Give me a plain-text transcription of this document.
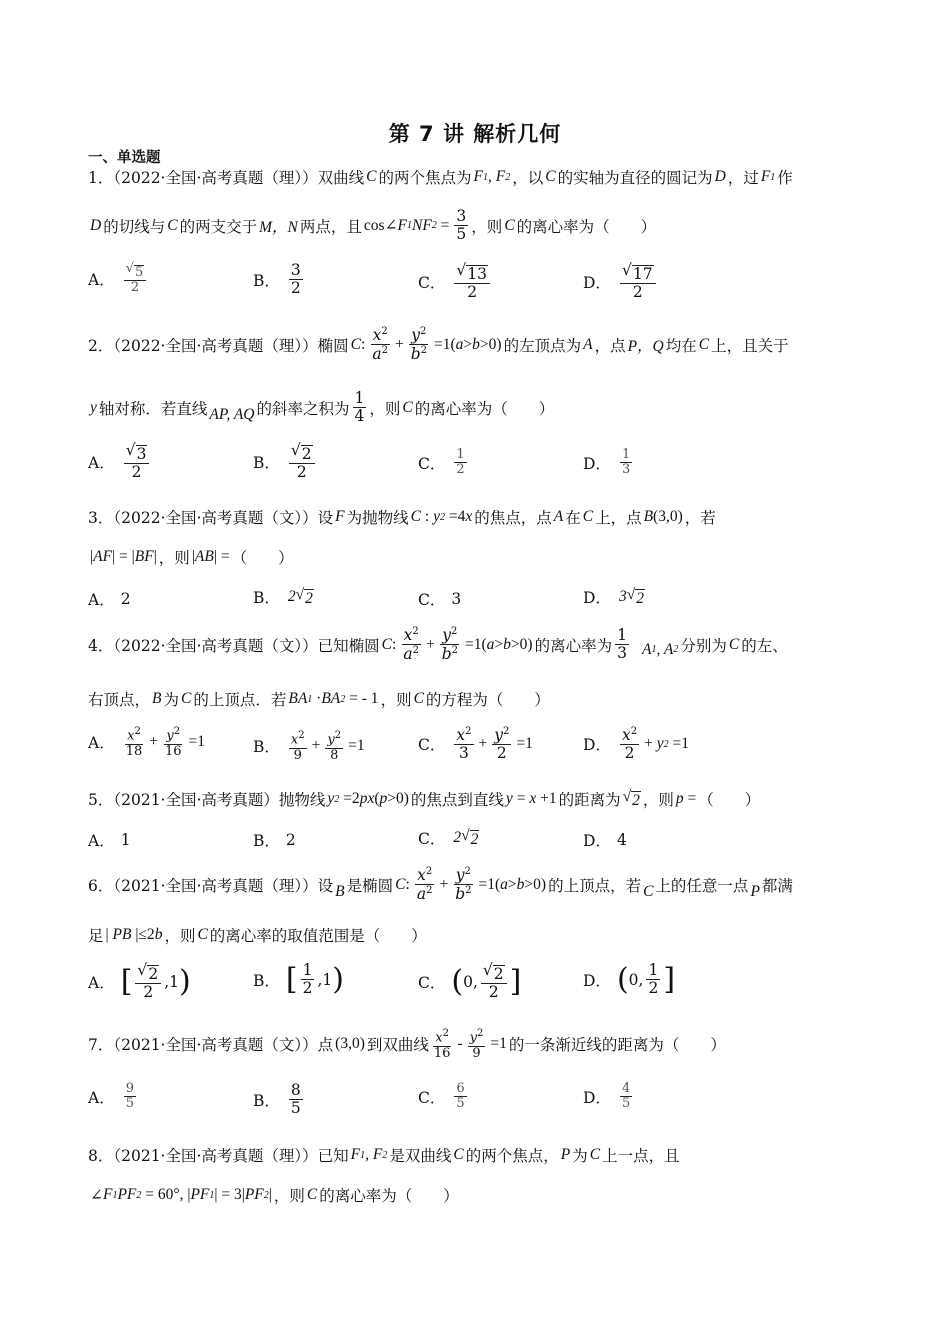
第 7 讲 解析几何
一、单选题
1．（2022·全国·高考真题（理））双曲线 C 的两个焦点为 F 1 , F 2 ，以 C 的实轴为直径的圆记为 D ，过 F 1 作
D 的切线与 C 的两支交于 M，N 两点，且 cos∠ F 1 NF $2 = \frac{3}{5}$ ，则 C 的离心率为（　　）
A． $\frac{√ 5}{2}$	B． $\frac{3}{2}$	C． $\frac{√ 13}{2}$	D． $\frac{√ 17}{2}$
2．（2022·全国·高考真题（理））椭圆 C : $\frac{x^2}{a^2} + \frac{y^2}{b^2} =1$( a > b >0) 的左顶点为 A ，点 P，Q 均在 C 上，且关于
y 轴对称．若直线 AP, AQ 的斜率之积为 $\frac{1}{4}$ ，则 C 的离心率为（　　）
A． $\frac{√ 3}{2}$	B． $\frac{√ 2}{2}$	C． $\frac{1}{2}$	D． $\frac{1}{3}$
3．（2022·全国·高考真题（文））设 F 为抛物线 C : y 2 =4 x 的焦点，点 A 在 C 上，点 B (3,0) ，若
| AF | = | BF | ，则 | AB | = （　　）
A． 2	B． 2 √ 2	C． 3	D． 3 √ 2
4．（2022·全国·高考真题（文））已知椭圆 C : $\frac{x^2}{a^2} + \frac{y^2}{b^2} =1$( a > b >0) 的离心率为 $\frac{1}{3}$ A 1 , A 2 分别为 C 的左、
右顶点， B 为 C 的上顶点．若 BA 1 · BA 2 = - 1 ，则 C 的方程为（　　）
A． $\frac{x^2}{18} + \frac{y^2}{16} =1$	B． $\frac{x^2}{9} + \frac{y^2}{8} =1$	C． $\frac{x^2}{3} + \frac{y^2}{2} =1$	D． $\frac{x^2}{2} + y$ 2 =1
5．（2021·全国·高考真题）抛物线 y 2 =2 px ( p >0) 的焦点到直线 y = x +1 的距离为 √ 2 ，则 p = （　　）
A． 1	B． 2	C． 2 √ 2	D． 4
6．（2021·全国·高考真题（理））设 B 是椭圆 C : $\frac{x^2}{a^2} + \frac{y^2}{b^2} =1$( a > b >0) 的上顶点，若 C 上的任意一点 P 都满
足 | PB |≤2 b ，则 C 的离心率的取值范围是（　　）
A． [ $\frac{√ 2}{2} ,1$ )	B． [ $\frac{1}{2} ,1$ )	C． ( 0, $\frac{√ 2}{2}$ ]	D． ( 0, $\frac{1}{2}$ ]
7．（2021·全国·高考真题（文））点 (3,0) 到双曲线 $\frac{x^2}{16} - \frac{y^2}{9} =1$ 的一条渐近线的距离为（　　）
A． $\frac{9}{5}$	B． $\frac{8}{5}$	C． $\frac{6}{5}$	D． $\frac{4}{5}$
8．（2021·全国·高考真题（理））已知 F 1 , F 2 是双曲线 C 的两个焦点， P 为 C 上一点，且
∠ F 1 PF 2 = 60°, | PF 1 | = 3| PF 2 | ，则 C 的离心率为（　　）
